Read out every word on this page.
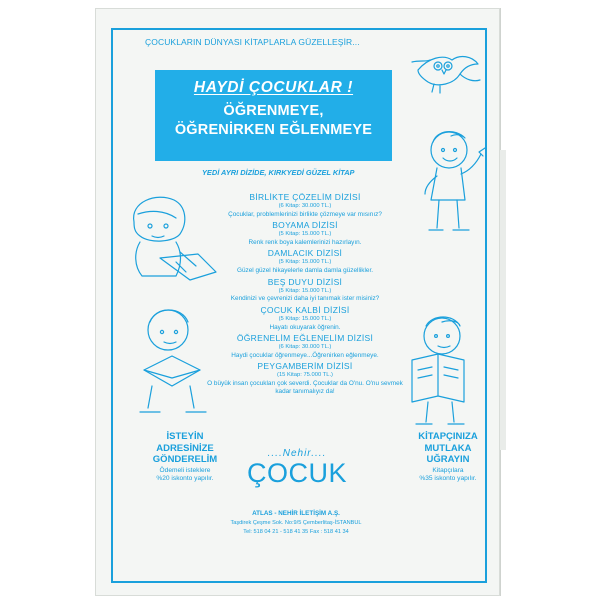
ÇOCUKLARIN DÜNYASI KİTAPLARLA GÜZELLEŞİR...
HAYDİ ÇOCUKLAR !
ÖĞRENMEYE,
ÖĞRENİRKEN EĞLENMEYE
YEDİ AYRI DİZİDE, KIRKYEDİ GÜZEL KİTAP
BİRLİKTE ÇÖZELİM DİZİSİ
(6 Kitap: 30.000 TL.)
Çocuklar, problemlerinizi birlikte çözmeye var mısınız?
BOYAMA DİZİSİ
(5 Kitap: 15.000 TL.)
Renk renk boya kalemlerinizi hazırlayın.
DAMLACIK DİZİSİ
(5 Kitap: 15.000 TL.)
Güzel güzel hikayelerle damla damla güzellikler.
BEŞ DUYU DİZİSİ
(5 Kitap: 15.000 TL.)
Kendinizi ve çevrenizi daha iyi tanımak ister misiniz?
ÇOCUK KALBİ DİZİSİ
(5 Kitap: 15.000 TL.)
Hayatı okuyarak öğrenin.
ÖĞRENELİM EĞLENELİM DİZİSİ
(6 Kitap: 30.000 TL.)
Haydi çocuklar öğrenmeye...Öğrenirken eğlenmeye.
PEYGAMBERİM DİZİSİ
(15 Kitap: 75.000 TL.)
O büyük insan çocukları çok severdi. Çocuklar da O'nu. O'nu sevmek kadar tanımalıyız da!
İSTEYİN
ADRESİNİZE
GÖNDERELİM
Ödemeli isteklere
%20 iskonto yapılır.
....Nehir....
ÇOCUK
KİTAPÇINIZA
MUTLAKA
UĞRAYIN
Kitapçılara
%35 iskonto yapılır.
ATLAS - NEHİR İLETİŞİM A.Ş.
Taşdirek Çeşme Sok. No:9/5 Çemberlitaş-İSTANBUL
Tel: 518 04 21 - 518 41 35 Fax : 518 41 34
